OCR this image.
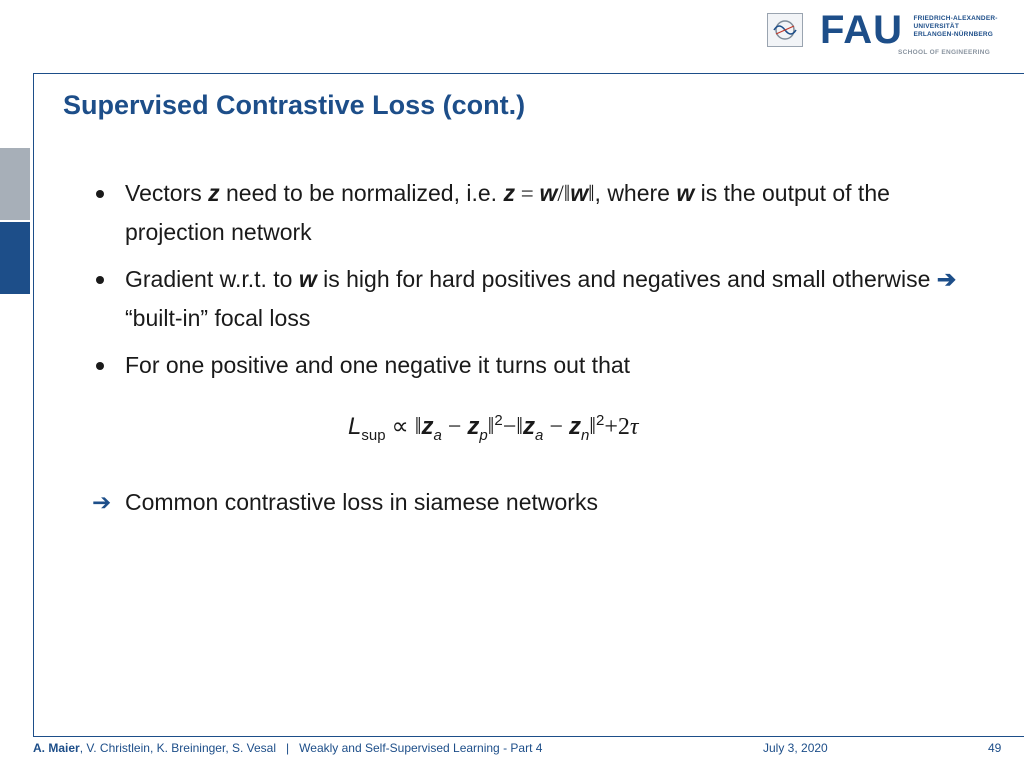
FAU FRIEDRICH-ALEXANDER-
UNIVERSITÄT
ERLANGEN-NÜRNBERG
SCHOOL OF ENGINEERING
Supervised Contrastive Loss (cont.)
Vectors z need to be normalized, i.e. z = w/‖w‖, where w is the output of the projection network
Gradient w.r.t. to w is high for hard positives and negatives and small otherwise ➔ “built-in” focal loss
For one positive and one negative it turns out that
$L_{sup}$ ∝ $‖z_a$ − $z_p‖^2-‖z_a$ − $z_n‖^2+2\tau$
➔ Common contrastive loss in siamese networks
A. Maier, V. Christlein, K. Breininger, S. Vesal | Weakly and Self-Supervised Learning - Part 4	July 3, 2020	49
